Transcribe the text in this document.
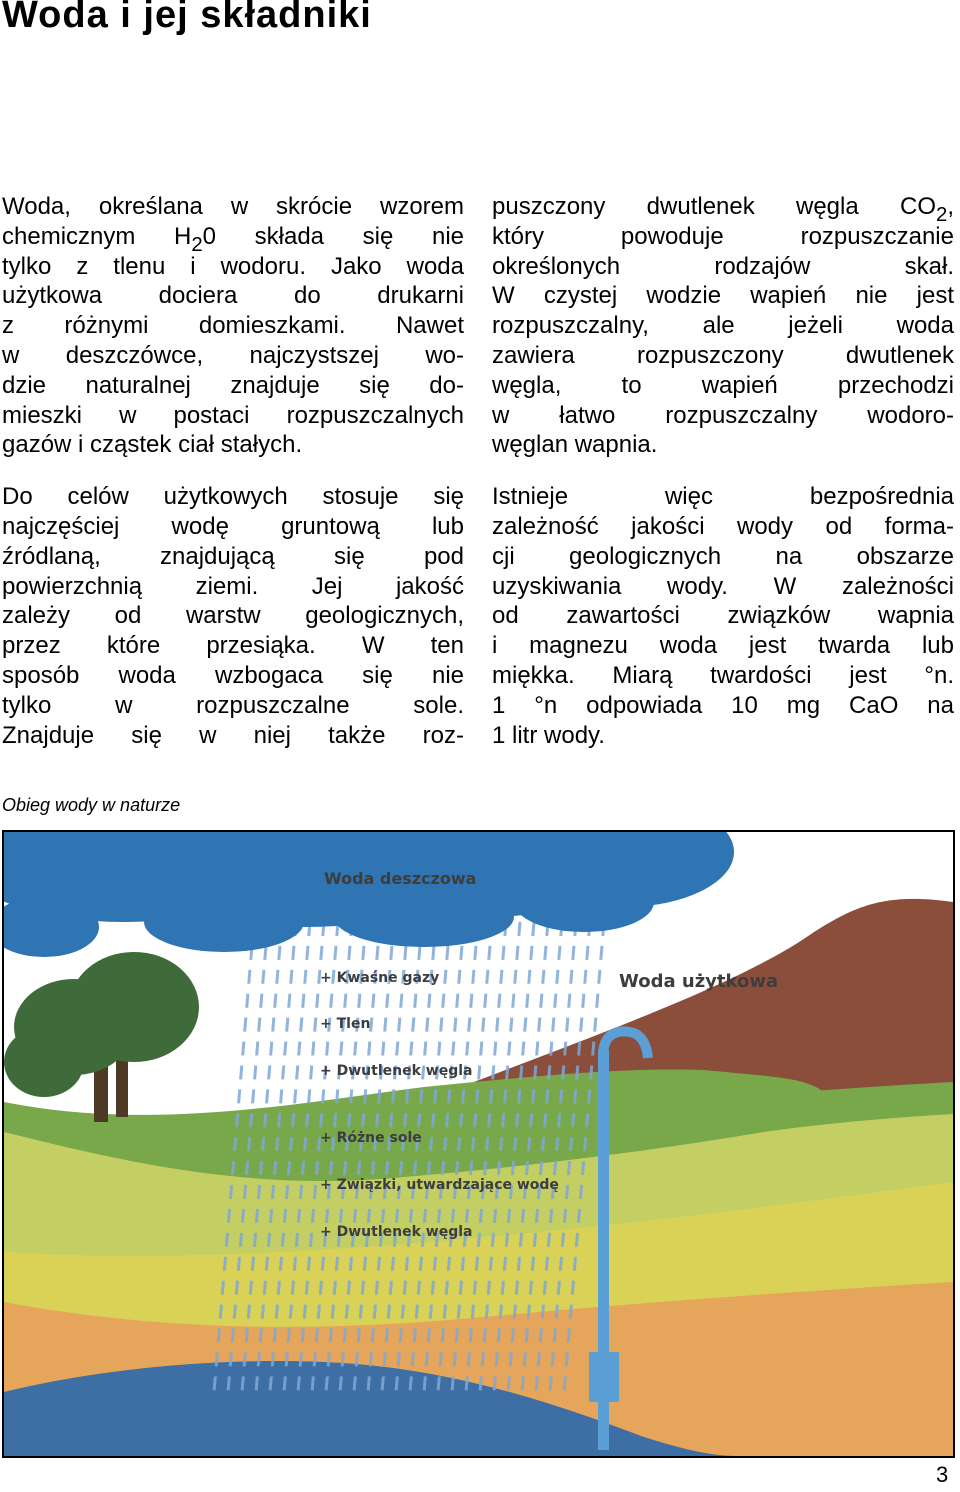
Woda i jej składniki

Woda, określana w skrócie wzorem
chemicznym $H_20$ składa się nie
tylko z tlenu i wodoru. Jako woda
użytkowa dociera do drukarni
z różnymi domieszkami. Nawet
w deszczówce, najczystszej wo-
dzie naturalnej znajduje się do-
mieszki w postaci rozpuszczalnych
gazów i cząstek ciał stałych.

Do celów użytkowych stosuje się
najczęściej wodę gruntową lub
źródlaną, znajdującą się pod
powierzchnią ziemi. Jej jakość
zależy od warstw geologicznych,
przez które przesiąka. W ten
sposób woda wzbogaca się nie
tylko w rozpuszczalne sole.
Znajduje się w niej także roz-

puszczony dwutlenek węgla $CO_2$,
który powoduje rozpuszczanie
określonych rodzajów skał.
W czystej wodzie wapień nie jest
rozpuszczalny, ale jeżeli woda
zawiera rozpuszczony dwutlenek
węgla, to wapień przechodzi
w łatwo rozpuszczalny wodoro-
węglan wapnia.

Istnieje więc bezpośrednia
zależność jakości wody od forma-
cji geologicznych na obszarze
uzyskiwania wody. W zależności
od zawartości związków wapnia
i magnezu woda jest twarda lub
miękka. Miarą twardości jest °n.
1 °n odpowiada 10 mg CaO na
1 litr wody.

Obieg wody w naturze
Woda deszczowa
Woda użytkowa
+ Kwaśne gazy
+ Tlen
+ Dwutlenek węgla
+ Różne sole
+ Związki, utwardzające wodę
+ Dwutlenek węgla
3
